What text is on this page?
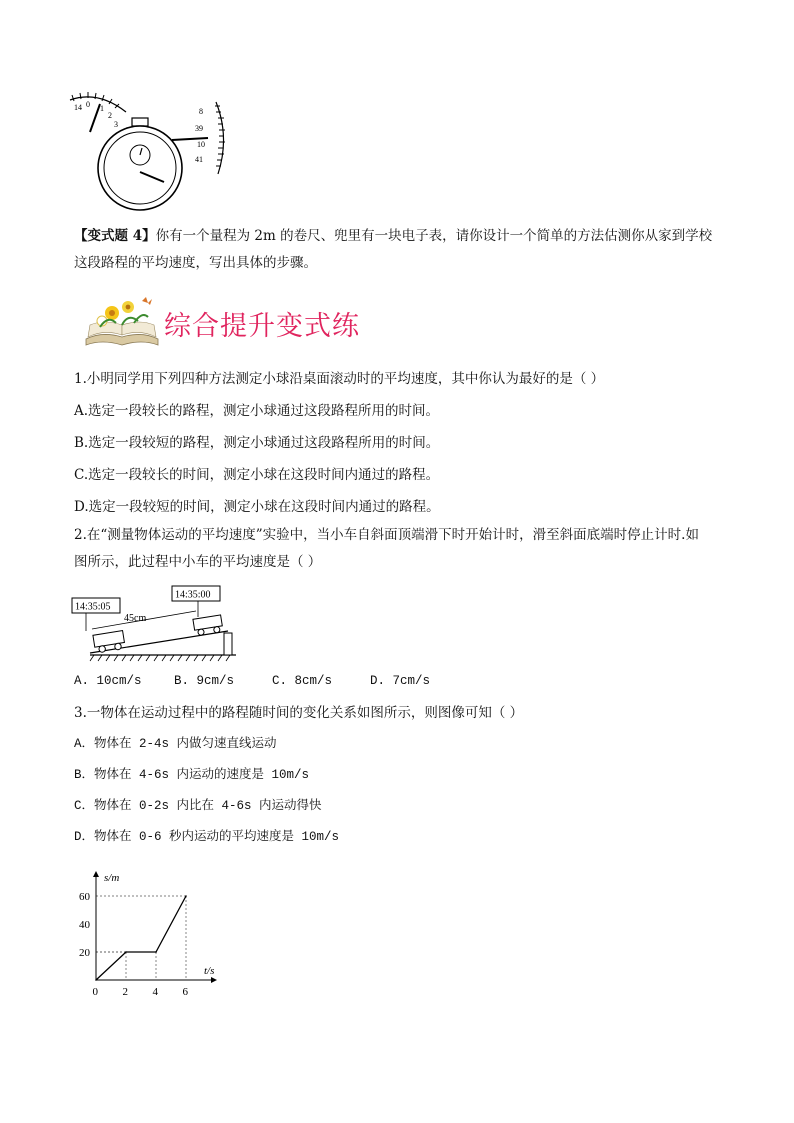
14 0 1
2
3
8
39
10
41
【变式题 4】你有一个量程为 2m 的卷尺、兜里有一块电子表，请你设计一个简单的方法估测你从家到学校
这段路程的平均速度，写出具体的步骤。
综合提升变式练
1.小明同学用下列四种方法测定小球沿桌面滚动时的平均速度，其中你认为最好的是（ ）
A.选定一段较长的路程，测定小球通过这段路程所用的时间。
B.选定一段较短的路程，测定小球通过这段路程所用的时间。
C.选定一段较长的时间，测定小球在这段时间内通过的路程。
D.选定一段较短的时间，测定小球在这段时间内通过的路程。
2.在“测量物体运动的平均速度”实验中，当小车自斜面顶端滑下时开始计时，滑至斜面底端时停止计时.如
图所示，此过程中小车的平均速度是（ ）
14:35:05
14:35:00
45cm
A. 10cm/s	B. 9cm/s	C. 8cm/s	D. 7cm/s
3.一物体在运动过程中的路程随时间的变化关系如图所示，则图像可知（ ）
A．物体在 2-4s 内做匀速直线运动
B．物体在 4-6s 内运动的速度是 10m/s
C．物体在 0-2s 内比在 4-6s 内运动得快
D．物体在 0-6 秒内运动的平均速度是 10m/s
s/m
t/s
0 2 4 6
20
40
60
